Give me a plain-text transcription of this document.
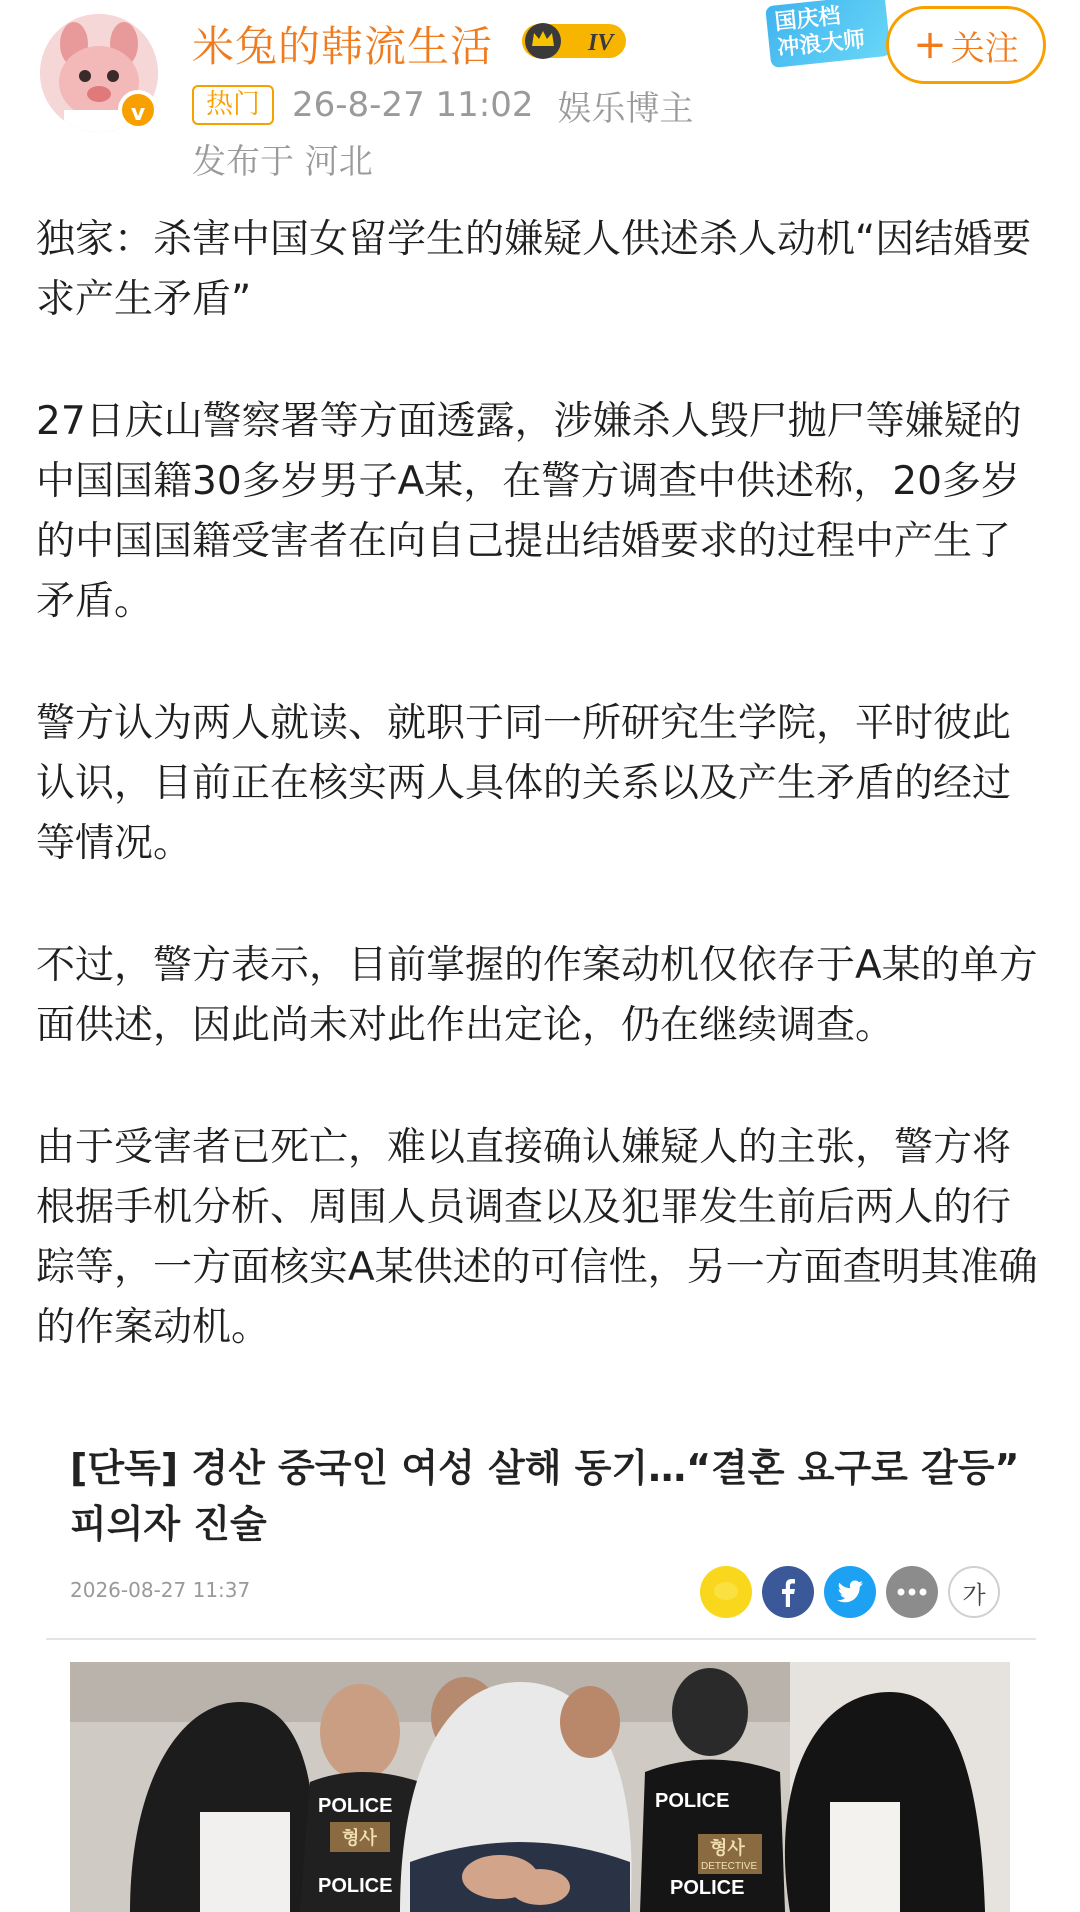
v
米兔的韩流生活	IV
热门 26-8-27 11:02 娱乐博主
发布于 河北
国庆档
冲浪大师	+ 关注

独家：杀害中国女留学生的嫌疑人供述杀人动机“因结婚要求产生矛盾”

27日庆山警察署等方面透露，涉嫌杀人毁尸抛尸等嫌疑的中国国籍30多岁男子A某，在警方调查中供述称，20多岁的中国国籍受害者在向自己提出结婚要求的过程中产生了矛盾。

警方认为两人就读、就职于同一所研究生学院，平时彼此认识，目前正在核实两人具体的关系以及产生矛盾的经过等情况。

不过，警方表示，目前掌握的作案动机仅依存于A某的单方面供述，因此尚未对此作出定论，仍在继续调查。

由于受害者已死亡，难以直接确认嫌疑人的主张，警方将根据手机分析、周围人员调查以及犯罪发生前后两人的行踪等，一方面核实A某供述的可信性，另一方面查明其准确的作案动机。

[단독] 경산 중국인 여성 살해 동기…“결혼 요구로 갈등” 피의자 진술
2026-08-27 11:37	가
POLICE
형사
POLICE
POLICE
형사
DETECTIVE
POLICE
